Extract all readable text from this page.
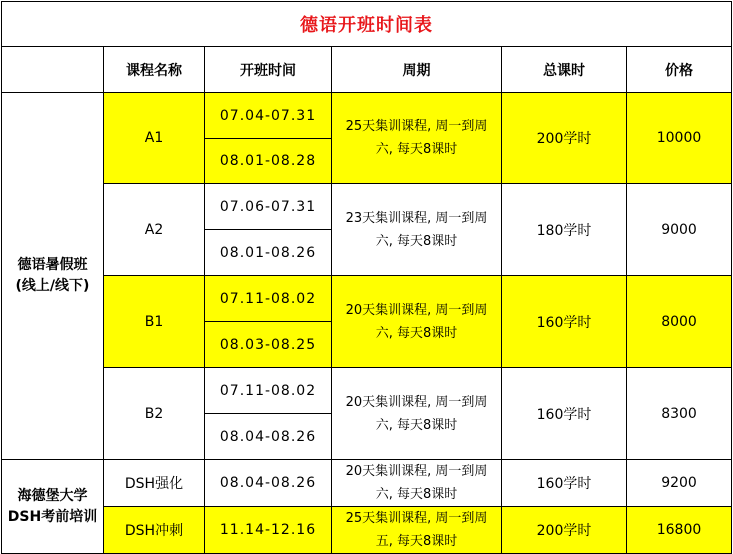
德语开班时间表					
	课程名称	开班时间	周期	总课时	价格

德语暑假班
(线上/线下)	A1	07.04-07.31	25天集训课程, 周一到周六, 每天8课时	200学时	10000
		08.01-08.28			
	A2	07.06-07.31	23天集训课程, 周一到周六, 每天8课时	180学时	9000
		08.01-08.26			
	B1	07.11-08.02	20天集训课程, 周一到周六, 每天8课时	160学时	8000
		08.03-08.25			
	B2	07.11-08.02	20天集训课程, 周一到周六, 每天8课时	160学时	8300
		08.04-08.26			

海德堡大学
DSH考前培训	DSH强化	08.04-08.26	20天集训课程, 周一到周六, 每天8课时	160学时	9200
	DSH冲刺	11.14-12.16	25天集训课程, 周一到周五, 每天8课时	200学时	16800
